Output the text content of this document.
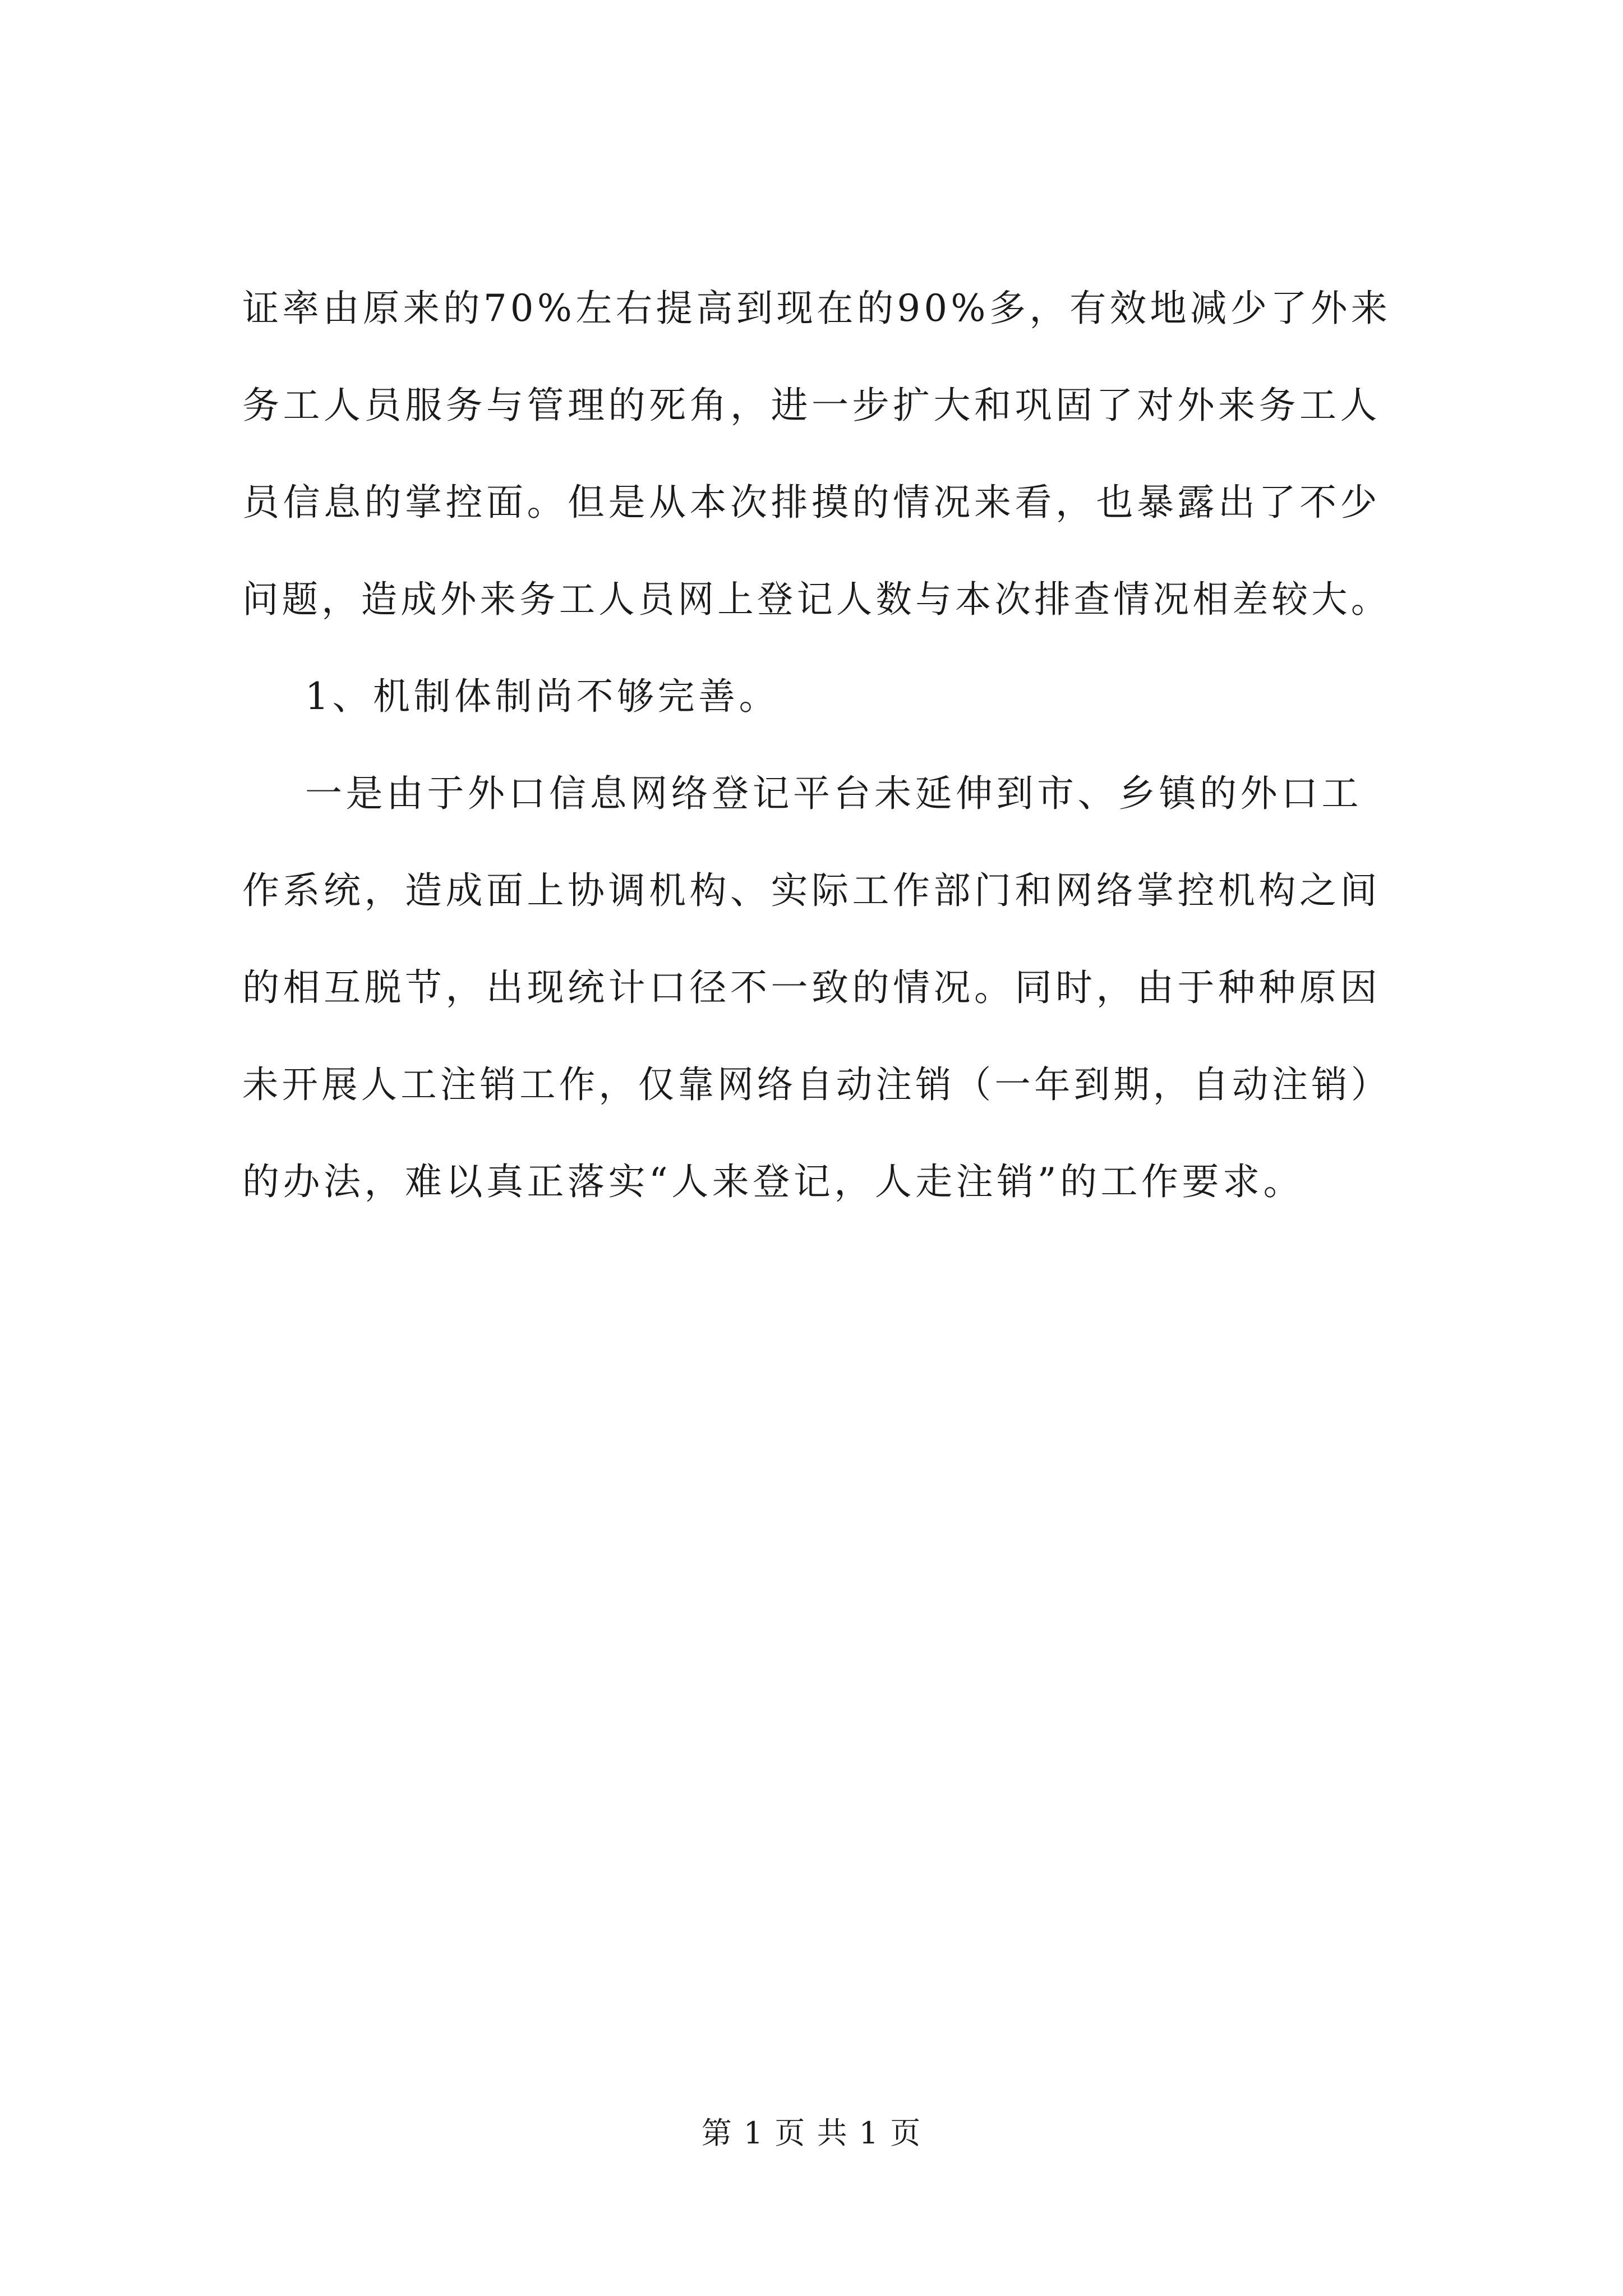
证率由原来的70%左右提高到现在的90%多，有效地减少了外来
务工人员服务与管理的死角，进一步扩大和巩固了对外来务工人
员信息的掌控面。但是从本次排摸的情况来看，也暴露出了不少
问题，造成外来务工人员网上登记人数与本次排查情况相差较大。
1、机制体制尚不够完善。
一是由于外口信息网络登记平台未延伸到市、乡镇的外口工
作系统，造成面上协调机构、实际工作部门和网络掌控机构之间
的相互脱节，出现统计口径不一致的情况。同时，由于种种原因
未开展人工注销工作，仅靠网络自动注销（一年到期，自动注销）
的办法，难以真正落实“人来登记，人走注销”的工作要求。
第 1 页 共 1 页
